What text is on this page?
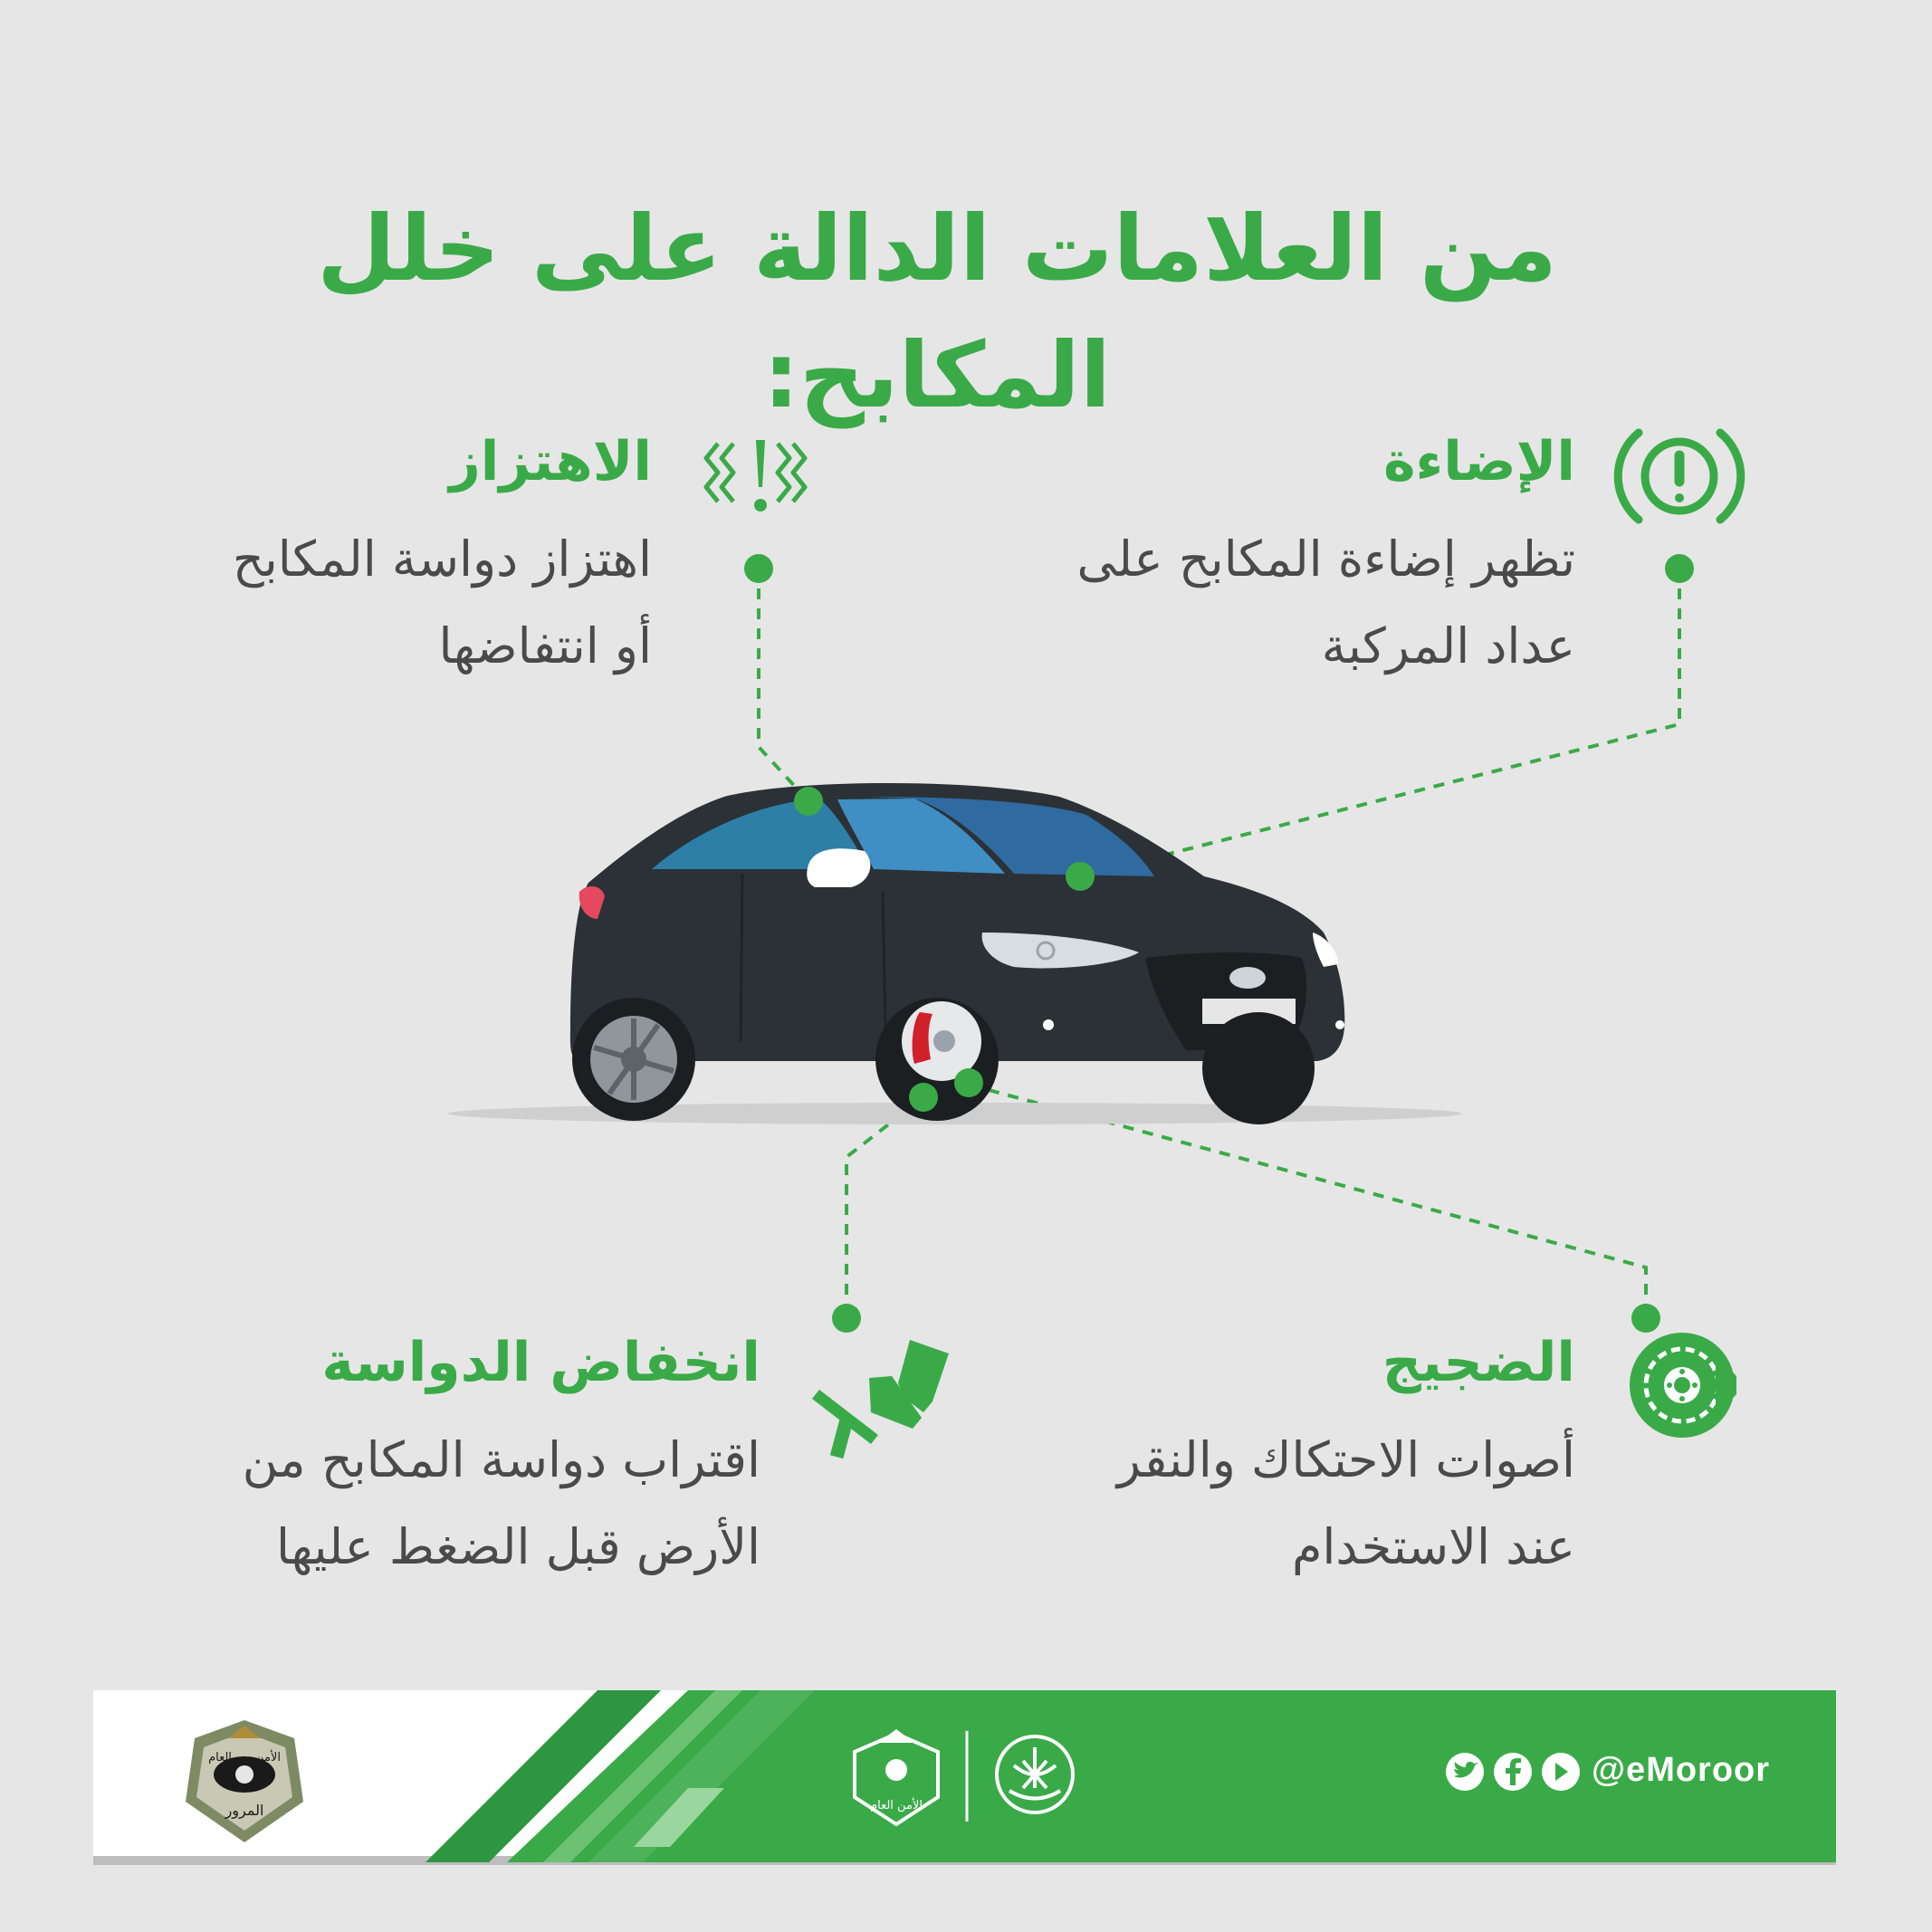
من العلامات الدالة على خلل المكابح:
الإضاءة
تظهر إضاءة المكابح على
عداد المركبة
الاهتزاز
اهتزاز دواسة المكابح
أو انتفاضها
الضجيج
أصوات الاحتكاك والنقر
عند الاستخدام
انخفاض الدواسة
اقتراب دواسة المكابح من
الأرض قبل الضغط عليها
الأمن
العام
المرور	الأمن العام
@eMoroor
